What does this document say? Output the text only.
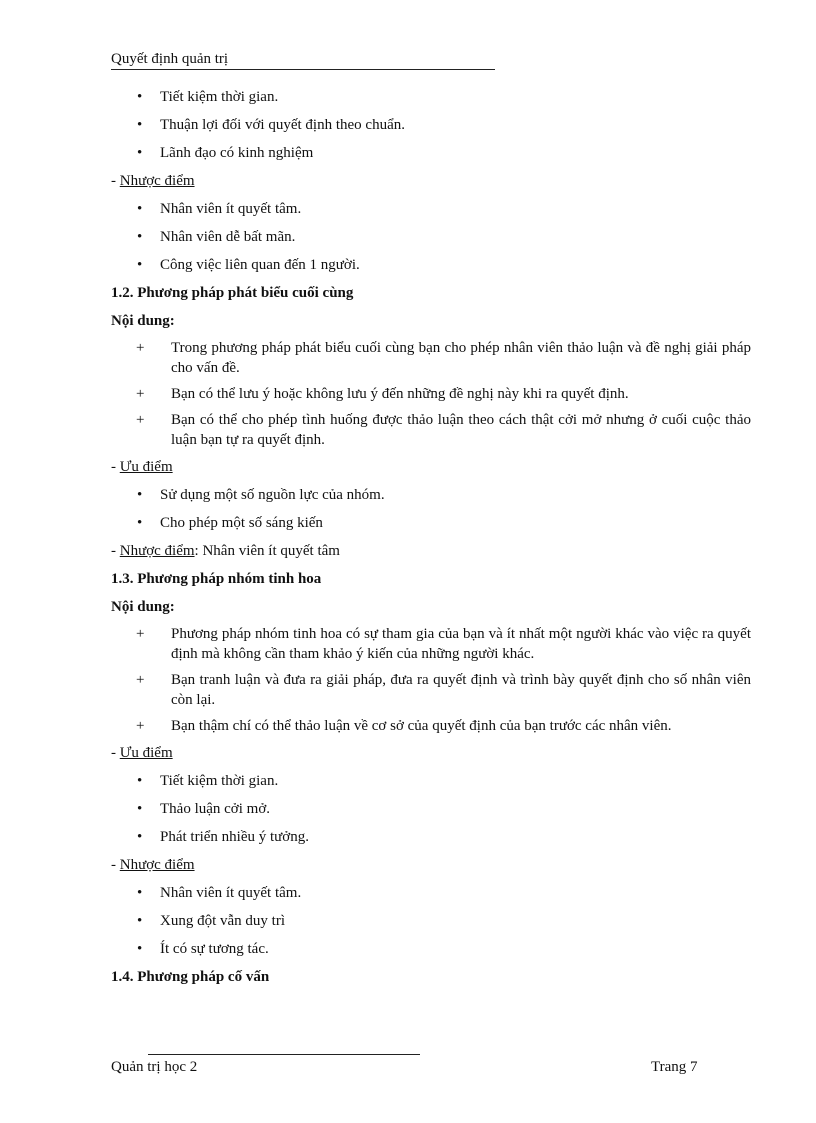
Quyết định quản trị
• Tiết kiệm thời gian.
• Thuận lợi đối với quyết định theo chuẩn.
• Lãnh đạo có kinh nghiệm
- Nhược điểm
• Nhân viên ít quyết tâm.
• Nhân viên dễ bất mãn.
• Công việc liên quan đến 1 người.
1.2. Phương pháp phát biểu cuối cùng
Nội dung:
+ Trong phương pháp phát biểu cuối cùng bạn cho phép nhân viên thảo luận và đề nghị giải pháp cho vấn đề.
+ Bạn có thể lưu ý hoặc không lưu ý đến những đề nghị này khi ra quyết định.
+ Bạn có thể cho phép tình huống được thảo luận theo cách thật cởi mở nhưng ở cuối cuộc thảo luận bạn tự ra quyết định.
- Ưu điểm
• Sử dụng một số nguồn lực của nhóm.
• Cho phép một số sáng kiến
- Nhược điểm: Nhân viên ít quyết tâm
1.3. Phương pháp nhóm tinh hoa
Nội dung:
+ Phương pháp nhóm tinh hoa có sự tham gia của bạn và ít nhất một người khác vào việc ra quyết định mà không cần tham khảo ý kiến của những người khác.
+ Bạn tranh luận và đưa ra giải pháp, đưa ra quyết định và trình bày quyết định cho số nhân viên còn lại.
+ Bạn thậm chí có thể thảo luận về cơ sở của quyết định của bạn trước các nhân viên.
- Ưu điểm
• Tiết kiệm thời gian.
• Thảo luận cởi mở.
• Phát triển nhiều ý tưởng.
- Nhược điểm
• Nhân viên ít quyết tâm.
• Xung đột vẫn duy trì
• Ít có sự tương tác.
1.4. Phương pháp cố vấn
Quản trị học 2	Trang 7
